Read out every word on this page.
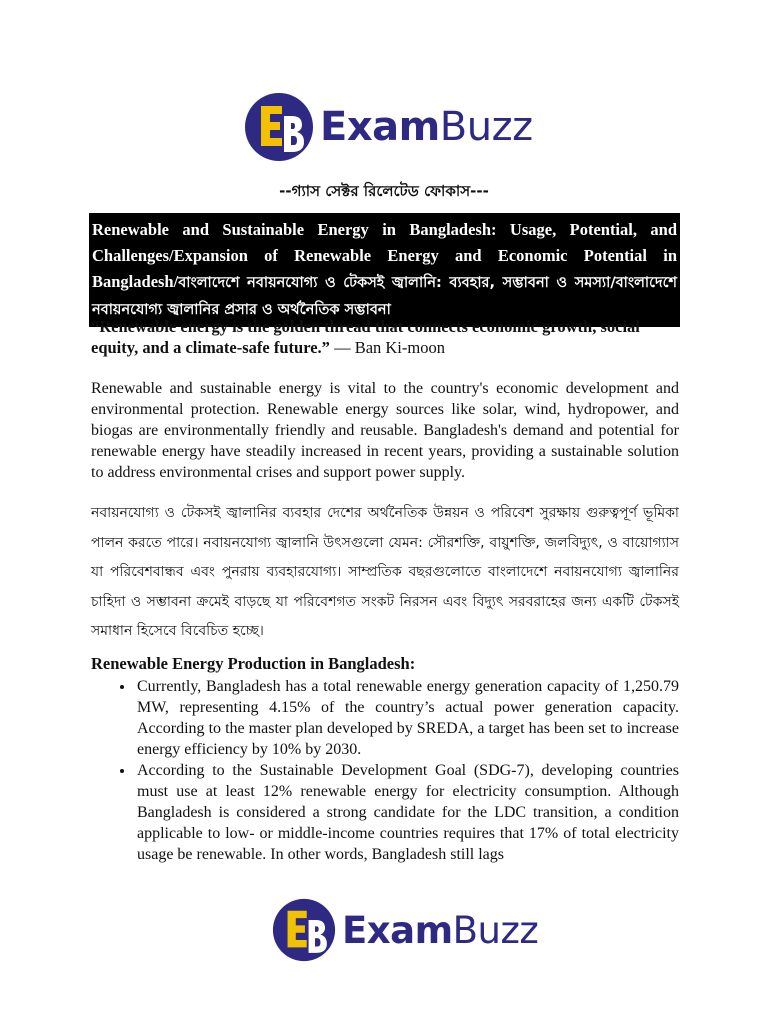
ExamBuzz
--গ্যাস সেক্টর রিলেটেড ফোকাস---

Renewable and Sustainable Energy in Bangladesh: Usage, Potential, and Challenges/Expansion of Renewable Energy and Economic Potential in Bangladesh/বাংলাদেশে নবায়নযোগ্য ও টেকসই জ্বালানি: ব্যবহার, সম্ভাবনা ও সমস্যা/বাংলাদেশে নবায়নযোগ্য জ্বালানির প্রসার ও অর্থনৈতিক সম্ভাবনা

“Renewable energy is the golden thread that connects economic growth, social equity, and a climate-safe future.” — Ban Ki-moon

Renewable and sustainable energy is vital to the country's economic development and environmental protection. Renewable energy sources like solar, wind, hydropower, and biogas are environmentally friendly and reusable. Bangladesh's demand and potential for renewable energy have steadily increased in recent years, providing a sustainable solution to address environmental crises and support power supply.

নবায়নযোগ্য ও টেকসই জ্বালানির ব্যবহার দেশের অর্থনৈতিক উন্নয়ন ও পরিবেশ সুরক্ষায় গুরুত্বপূর্ণ ভূমিকা পালন করতে পারে। নবায়নযোগ্য জ্বালানি উৎসগুলো যেমন: সৌরশক্তি, বায়ুশক্তি, জলবিদ্যুৎ, ও বায়োগ্যাস যা পরিবেশবান্ধব এবং পুনরায় ব্যবহারযোগ্য। সাম্প্রতিক বছরগুলোতে বাংলাদেশে নবায়নযোগ্য জ্বালানির চাহিদা ও সম্ভাবনা ক্রমেই বাড়ছে যা পরিবেশগত সংকট নিরসন এবং বিদ্যুৎ সরবরাহের জন্য একটি টেকসই সমাধান হিসেবে বিবেচিত হচ্ছে।

Renewable Energy Production in Bangladesh:

• Currently, Bangladesh has a total renewable energy generation capacity of 1,250.79 MW, representing 4.15% of the country’s actual power generation capacity. According to the master plan developed by SREDA, a target has been set to increase energy efficiency by 10% by 2030.
• According to the Sustainable Development Goal (SDG-7), developing countries must use at least 12% renewable energy for electricity consumption. Although Bangladesh is considered a strong candidate for the LDC transition, a condition applicable to low- or middle-income countries requires that 17% of total electricity usage be renewable. In other words, Bangladesh still lags
ExamBuzz
